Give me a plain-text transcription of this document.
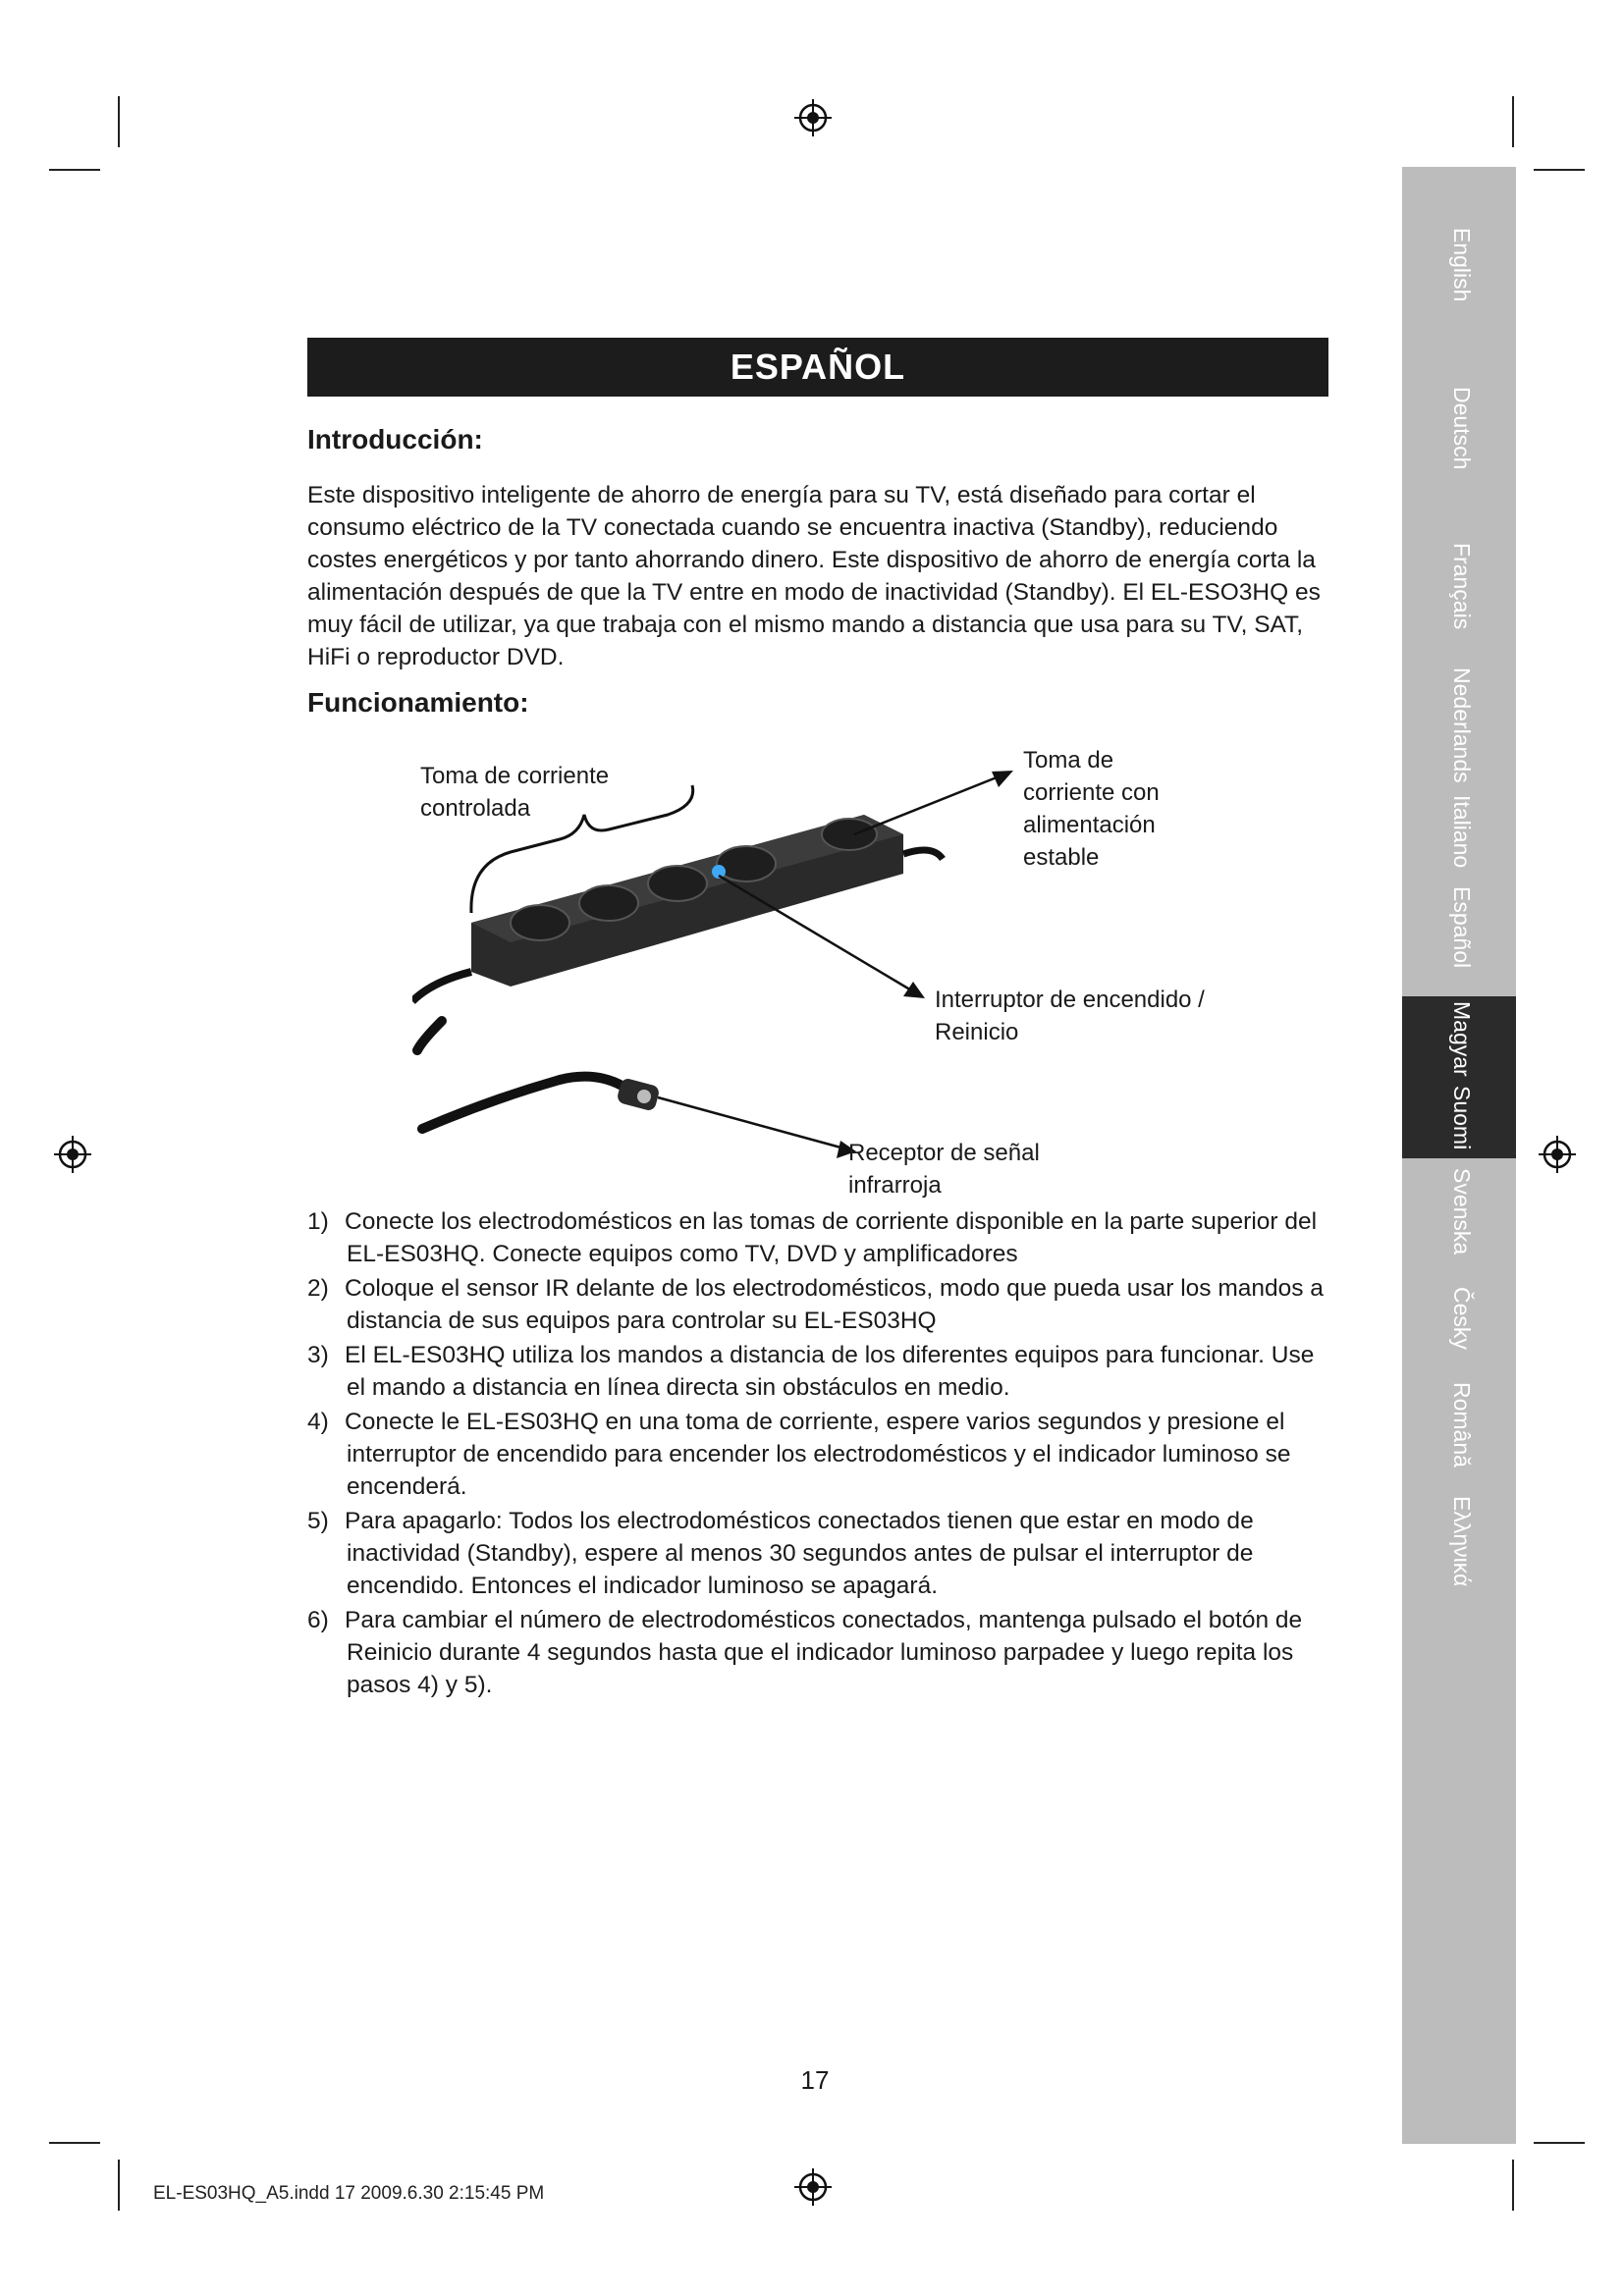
English
Deutsch
Français
Nederlands
Italiano
Español
Magyar
Suomi
Svenska
Česky
Română
Ελληνικά
ESPAÑOL
Introducción:

Este dispositivo inteligente de ahorro de energía para su TV, está diseñado para cortar el consumo eléctrico de la TV conectada cuando se encuentra inactiva (Standby), reduciendo costes energéticos y por tanto ahorrando dinero. Este dispositivo de ahorro de energía corta la alimentación después de que la TV entre en modo de inactividad (Standby). El EL-ESO3HQ es muy fácil de utilizar, ya que trabaja con el mismo mando a distancia que usa para su TV, SAT, HiFi o reproductor DVD.

Funcionamiento:
Toma de corriente controlada
Toma de corriente con alimentación estable
Interruptor de encendido / Reinicio
Receptor de señal infrarroja
1) Conecte los electrodomésticos en las tomas de corriente disponible en la parte superior del EL-ES03HQ. Conecte equipos como TV, DVD y amplificadores
2) Coloque el sensor IR delante de los electrodomésticos, modo que pueda usar los mandos a distancia de sus equipos para controlar su EL-ES03HQ
3) El EL-ES03HQ utiliza los mandos a distancia de los diferentes equipos para funcionar. Use el mando a distancia en línea directa sin obstáculos en medio.
4) Conecte le EL-ES03HQ en una toma de corriente, espere varios segundos y presione el interruptor de encendido para encender los electrodomésticos y el indicador luminoso se encenderá.
5) Para apagarlo: Todos los electrodomésticos conectados tienen que estar en modo de inactividad (Standby), espere al menos 30 segundos antes de pulsar el interruptor de encendido. Entonces el indicador luminoso se apagará.
6) Para cambiar el número de electrodomésticos conectados, mantenga pulsado el botón de Reinicio durante 4 segundos hasta que el indicador luminoso parpadee y luego repita los pasos 4) y 5).
17
EL-ES03HQ_A5.indd 17 2009.6.30 2:15:45 PM
